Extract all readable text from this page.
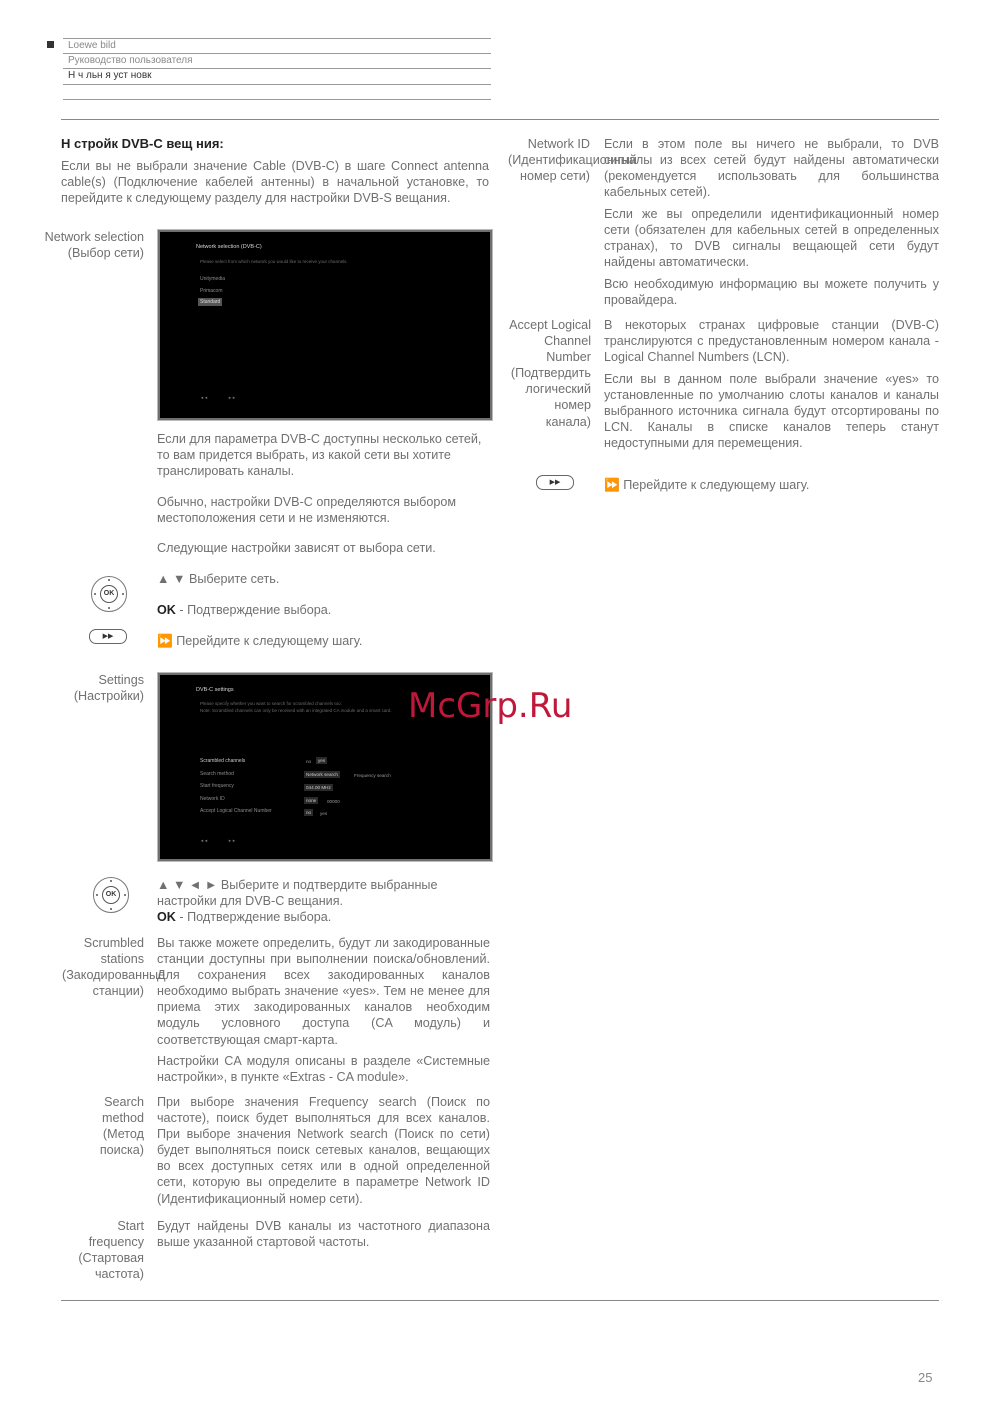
Loewe bild
Руководство пользователя
Н ч льн я уст новк
Н стройк DVB-C вещ ния:
Если вы не выбрали значение Cable (DVB-C) в шаге Connect antenna cable(s) (Подключение кабелей антенны) в начальной установке, то перейдите к следующему разделу для настройки DVB-S вещания.
Network selection (Выбор сети)	Network selection (DVB-C)
Please select from which network you would like to receive your channels.
Unitymedia
Primacom
Standard
◄◄	►►
Если для параметра DVB-C доступны несколько сетей, то вам придется выбрать, из какой сети вы хотите транслировать каналы.
Обычно, настройки DVB-C определяются выбором местоположения сети и не изменяются.
Следующие настройки зависят от выбора сети.
OK
▲ ▼ Выберите сеть.
OK - Подтверждение выбора.
▶▶	⏩ Перейдите к следующему шагу.
Settings (Настройки)	DVB-C settings
Please specify whether you want to search for scrambled channels too.
Note: Scrambled channels can only be received with an integrated CA module and a smart card.
Scrambled channels
Search method
Start frequency
Network ID
Accept Logical Channel Number
no	yes
Network search	Frequency search
044.00 MHz
none	00000
no	yes
◄◄	►►
OK
▲ ▼ ◄ ► Выберите и подтвердите выбранные настройки для DVB-C вещания.
OK - Подтверждение выбора.
Scrumbled stations (Закодированные станции)
Вы также можете определить, будут ли закодированные станции доступны при выполнении поиска/обновлений. Для сохранения всех закодированных каналов необходимо выбрать значение «yes». Тем не менее для приема этих закодированных каналов необходим модуль условного доступа (CA модуль) и соответствующая смарт-карта.
Настройки CA модуля описаны в разделе «Системные настройки», в пункте «Extras - CA module».
Search method (Метод поиска)
При выборе значения Frequency search (Поиск по частоте), поиск будет выполняться для всех каналов. При выборе значения Network search (Поиск по сети) будет выполняться поиск сетевых каналов, вещающих во всех доступных сетях или в одной определенной сети, которую вы определите в параметре Network ID (Идентификационный номер сети).
Start frequency (Стартовая частота)
Будут найдены DVB каналы из частотного диапазона выше указанной стартовой частоты.
Network ID (Идентификационный номер сети)
Если в этом поле вы ничего не выбрали, то DVB сигналы из всех сетей будут найдены автоматически (рекомендуется использовать для большинства кабельных сетей).
Если же вы определили идентификационный номер сети (обязателен для кабельных сетей в определенных странах), то DVB сигналы вещающей сети будут найдены автоматически.
Всю необходимую информацию вы можете получить у провайдера.
Accept Logical Channel Number (Подтвердить логический номер канала)
В некоторых странах цифровые станции (DVB-C) транслируются с предустановленным номером канала - Logical Channel Numbers (LCN).
Если вы в данном поле выбрали значение «yes» то установленные по умолчанию слоты каналов и каналы выбранного источника сигнала будут отсортированы по LCN. Каналы в списке каналов теперь станут недоступными для перемещения.
▶▶	⏩ Перейдите к следующему шагу.
McGrp.Ru
25
